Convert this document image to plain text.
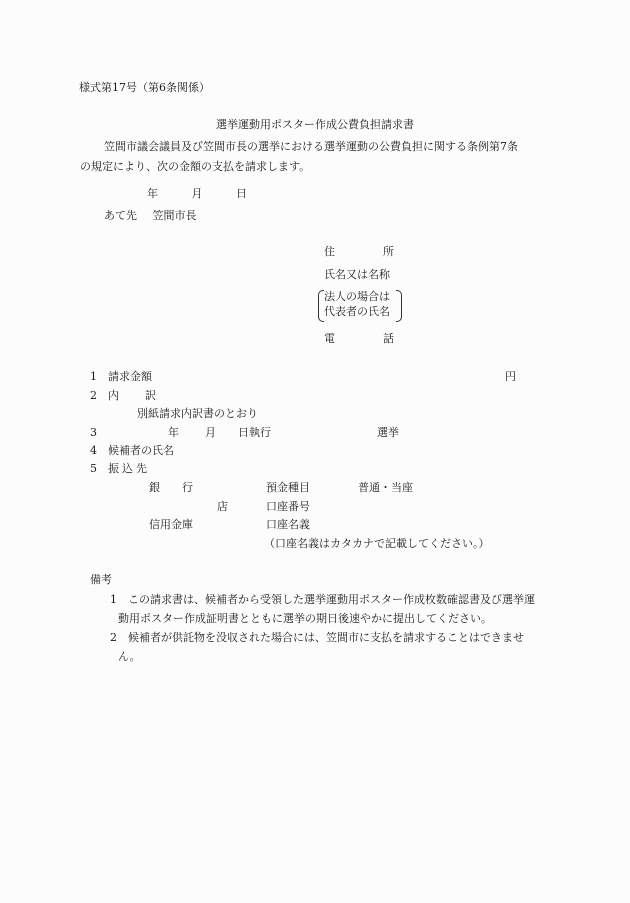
様式第17号（第6条関係）
選挙運動用ポスター作成公費負担請求書
笠間市議会議員及び笠間市長の選挙における選挙運動の公費負担に関する条例第7条
の規定により、次の金額の支払を請求します。
年	月	日
あて先 笠間市長
住	所
氏名又は名称
法人の場合は
代表者の氏名
電	話
1 請求金額	円
2 内 訳
別紙請求内訳書のとおり
3	年 月 日執行	選挙
4 候補者の氏名
5 振 込 先
銀 行	預金種目	普通・当座
店	口座番号
信用金庫	口座名義
（口座名義はカタカナで記載してください。）
備考
1 この請求書は、候補者から受領した選挙運動用ポスター作成枚数確認書及び選挙運
動用ポスター作成証明書とともに選挙の期日後速やかに提出してください。
2 候補者が供託物を没収された場合には、笠間市に支払を請求することはできませ
ん。
